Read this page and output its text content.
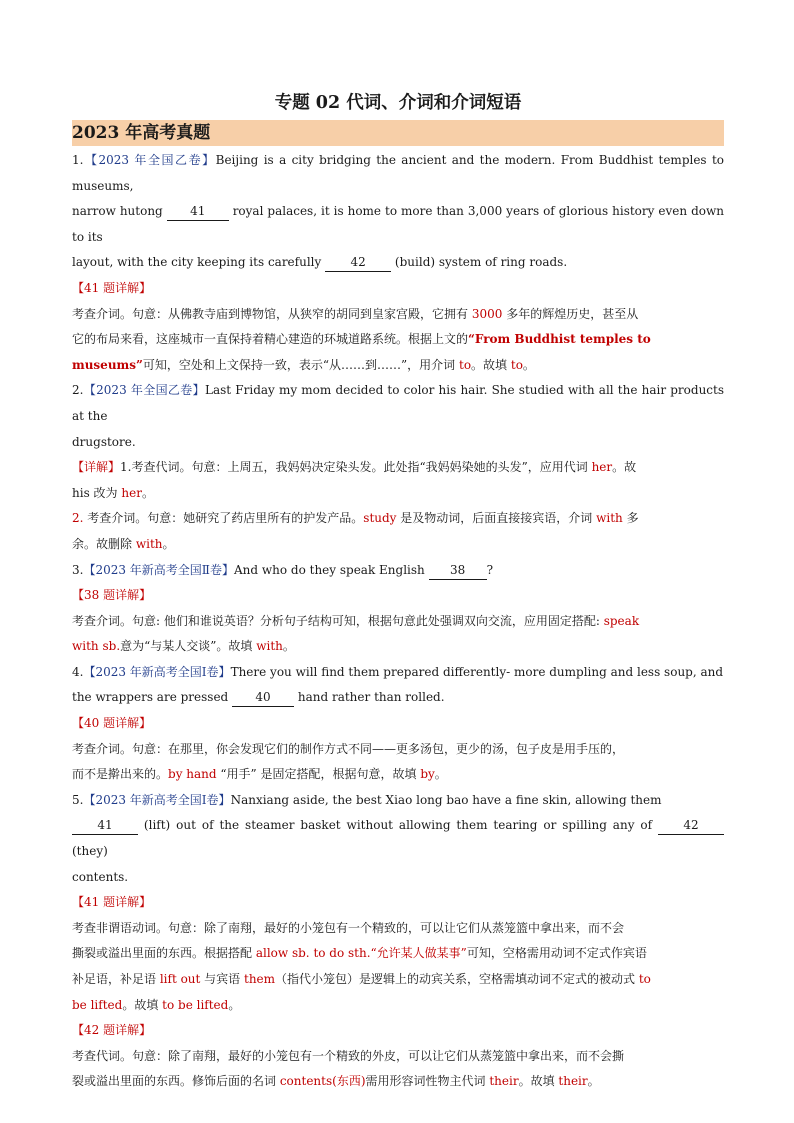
专题 02 代词、介词和介词短语
2023 年高考真题

1.【2023 年全国乙卷】Beijing is a city bridging the ancient and the modern. From Buddhist temples to museums,
narrow hutong 41 royal palaces, it is home to more than 3,000 years of glorious history even down to its
layout, with the city keeping its carefully 42 (build) system of ring roads.

【41 题详解】

考查介词。句意：从佛教寺庙到博物馆，从狭窄的胡同到皇家宫殿，它拥有 3000 多年的辉煌历史，甚至从
它的布局来看，这座城市一直保持着精心建造的环城道路系统。根据上文的“From Buddhist temples to
museums”可知，空处和上文保持一致，表示“从……到……”，用介词 to。故填 to。

2.【2023 年全国乙卷】Last Friday my mom decided to color his hair. She studied with all the hair products at the
drugstore.

【详解】1.考查代词。句意：上周五，我妈妈决定染头发。此处指“我妈妈染她的头发”，应用代词 her。故
his 改为 her。
2. 考查介词。句意：她研究了药店里所有的护发产品。study 是及物动词，后面直接接宾语，介词 with 多
余。故删除 with。

3.【2023 年新高考全国Ⅱ卷】And who do they speak English 38 ?

【38 题详解】

考查介词。句意: 他们和谁说英语？分析句子结构可知，根据句意此处强调双向交流，应用固定搭配: speak
with sb.意为“与某人交谈”。故填 with。

4.【2023 年新高考全国Ⅰ卷】There you will find them prepared differently- more dumpling and less soup, and
the wrappers are pressed 40 hand rather than rolled.

【40 题详解】

考查介词。句意：在那里，你会发现它们的制作方式不同——更多汤包，更少的汤，包子皮是用手压的，
而不是擀出来的。by hand “用手” 是固定搭配，根据句意，故填 by。

5.【2023 年新高考全国Ⅰ卷】Nanxiang aside, the best Xiao long bao have a fine skin, allowing them
41 (lift) out of the steamer basket without allowing them tearing or spilling any of 42 (they)
contents.

【41 题详解】

考查非谓语动词。句意：除了南翔，最好的小笼包有一个精致的，可以让它们从蒸笼篮中拿出来，而不会
撕裂或溢出里面的东西。根据搭配 allow sb. to do sth.“允许某人做某事”可知，空格需用动词不定式作宾语
补足语，补足语 lift out 与宾语 them（指代小笼包）是逻辑上的动宾关系，空格需填动词不定式的被动式 to
be lifted。故填 to be lifted。

【42 题详解】

考查代词。句意：除了南翔，最好的小笼包有一个精致的外皮，可以让它们从蒸笼篮中拿出来，而不会撕
裂或溢出里面的东西。修饰后面的名词 contents(东西)需用形容词性物主代词 their。故填 their。
